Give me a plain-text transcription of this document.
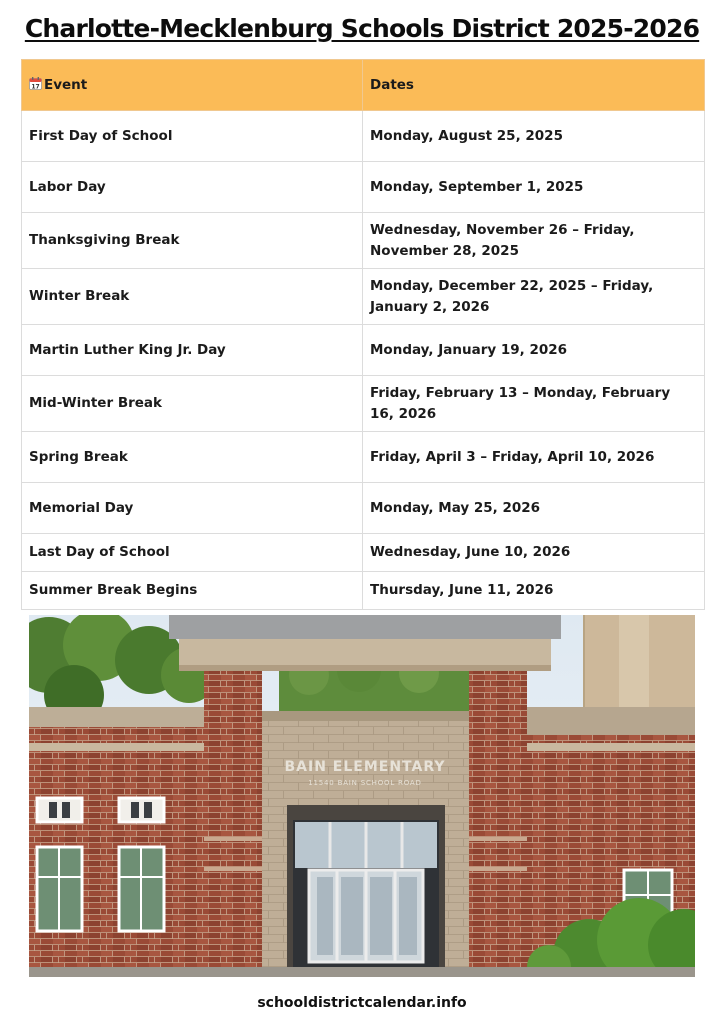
Charlotte-Mecklenburg Schools District 2025-2026
17 Event	Dates
First Day of School	Monday, August 25, 2025
Labor Day	Monday, September 1, 2025
Thanksgiving Break	Wednesday, November 26 – Friday, November 28, 2025
Winter Break	Monday, December 22, 2025 – Friday, January 2, 2026
Martin Luther King Jr. Day	Monday, January 19, 2026
Mid-Winter Break	Friday, February 13 – Monday, February 16, 2026
Spring Break	Friday, April 3 – Friday, April 10, 2026
Memorial Day	Monday, May 25, 2026
Last Day of School	Wednesday, June 10, 2026
Summer Break Begins	Thursday, June 11, 2026
BAIN ELEMENTARY
11540 BAIN SCHOOL ROAD
schooldistrictcalendar.info
